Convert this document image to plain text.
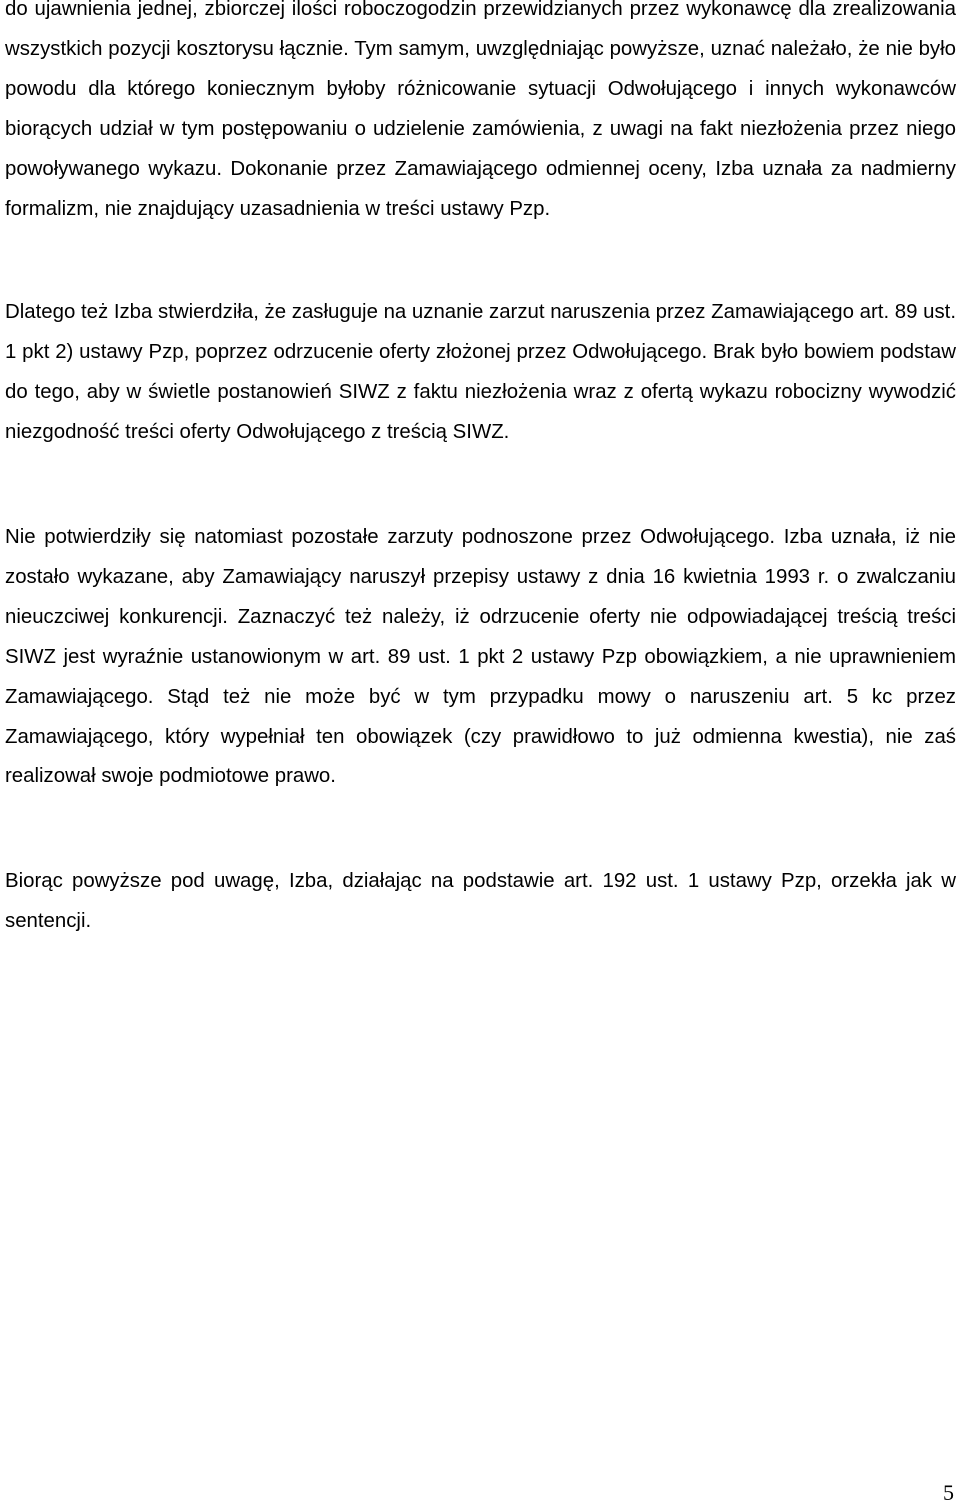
do ujawnienia jednej, zbiorczej ilości roboczogodzin przewidzianych przez wykonawcę dla zrealizowania wszystkich pozycji kosztorysu łącznie. Tym samym, uwzględniając powyższe, uznać należało, że nie było powodu dla którego koniecznym byłoby różnicowanie sytuacji Odwołującego i innych wykonawców biorących udział w tym postępowaniu o udzielenie zamówienia, z uwagi na fakt niezłożenia przez niego powoływanego wykazu. Dokonanie przez Zamawiającego odmiennej oceny, Izba uznała za nadmierny formalizm, nie znajdujący uzasadnienia w treści ustawy Pzp.

Dlatego też Izba stwierdziła, że zasługuje na uznanie zarzut naruszenia przez Zamawiającego art. 89 ust. 1 pkt 2) ustawy Pzp, poprzez odrzucenie oferty złożonej przez Odwołującego. Brak było bowiem podstaw do tego, aby w świetle postanowień SIWZ z faktu niezłożenia wraz z ofertą wykazu robocizny wywodzić niezgodność treści oferty Odwołującego z treścią SIWZ.

Nie potwierdziły się natomiast pozostałe zarzuty podnoszone przez Odwołującego. Izba uznała, iż nie zostało wykazane, aby Zamawiający naruszył przepisy ustawy z dnia 16 kwietnia 1993 r. o zwalczaniu nieuczciwej konkurencji. Zaznaczyć też należy, iż odrzucenie oferty nie odpowiadającej treścią treści SIWZ jest wyraźnie ustanowionym w art. 89 ust. 1 pkt 2 ustawy Pzp obowiązkiem, a nie uprawnieniem Zamawiającego. Stąd też nie może być w tym przypadku mowy o naruszeniu art. 5 kc przez Zamawiającego, który wypełniał ten obowiązek (czy prawidłowo to już odmienna kwestia), nie zaś realizował swoje podmiotowe prawo.

Biorąc powyższe pod uwagę, Izba, działając na podstawie art. 192 ust. 1 ustawy Pzp, orzekła jak w sentencji.

5
